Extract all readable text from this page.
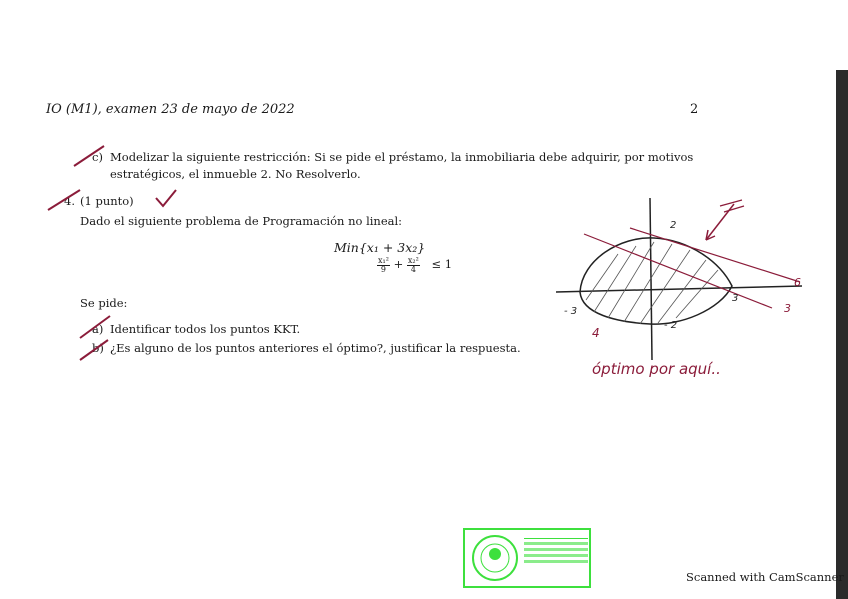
IO (M1), examen 23 de mayo de 2022	2
c) Modelizar la siguiente restricción: Si se pide el préstamo, la inmobiliaria debe adquirir, por motivos
estratégicos, el inmueble 2. No Resolverlo.
4. (1 punto)
Dado el siguiente problema de Programación no lineal:
Min{x₁ + 3x₂}
$\frac{\text{x₁²}}{9} + \frac{\text{x₂²}}{4} \le 1$
Se pide:
a) Identificar todos los puntos KKT.
b) ¿Es alguno de los puntos anteriores el óptimo?, justificar la respuesta.
2
- 2
- 3
3
3
6
4
óptimo por aquí..
Scanned with CamScanner
